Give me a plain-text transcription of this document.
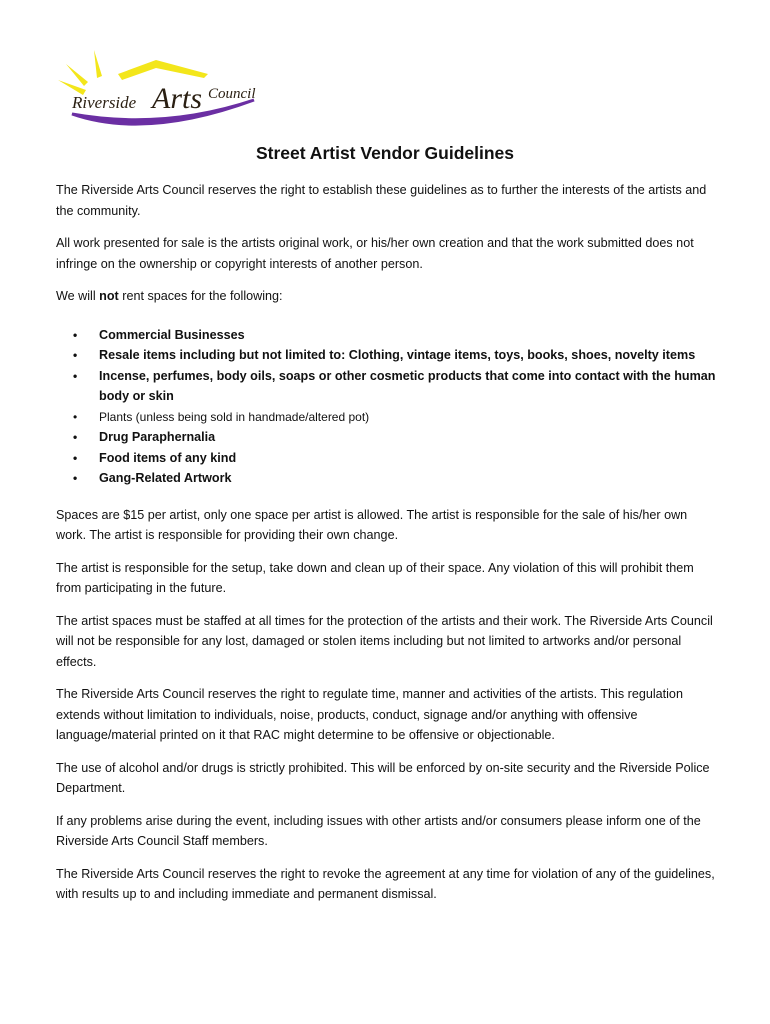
Riverside Arts Council
Street Artist Vendor Guidelines

The Riverside Arts Council reserves the right to establish these guidelines as to further the interests of the artists and the community.

All work presented for sale is the artists original work, or his/her own creation and that the work submitted does not infringe on the ownership or copyright interests of another person.

We will not rent spaces for the following:

• Commercial Businesses
• Resale items including but not limited to: Clothing, vintage items, toys, books, shoes, novelty items
• Incense, perfumes, body oils, soaps or other cosmetic products that come into contact with the human body or skin
• Plants (unless being sold in handmade/altered pot)
• Drug Paraphernalia
• Food items of any kind
• Gang-Related Artwork

Spaces are $15 per artist, only one space per artist is allowed. The artist is responsible for the sale of his/her own work. The artist is responsible for providing their own change.

The artist is responsible for the setup, take down and clean up of their space. Any violation of this will prohibit them from participating in the future.

The artist spaces must be staffed at all times for the protection of the artists and their work. The Riverside Arts Council will not be responsible for any lost, damaged or stolen items including but not limited to artworks and/or personal effects.

The Riverside Arts Council reserves the right to regulate time, manner and activities of the artists. This regulation extends without limitation to individuals, noise, products, conduct, signage and/or anything with offensive language/material printed on it that RAC might determine to be offensive or objectionable.

The use of alcohol and/or drugs is strictly prohibited. This will be enforced by on-site security and the Riverside Police Department.

If any problems arise during the event, including issues with other artists and/or consumers please inform one of the Riverside Arts Council Staff members.

The Riverside Arts Council reserves the right to revoke the agreement at any time for violation of any of the guidelines, with results up to and including immediate and permanent dismissal.
